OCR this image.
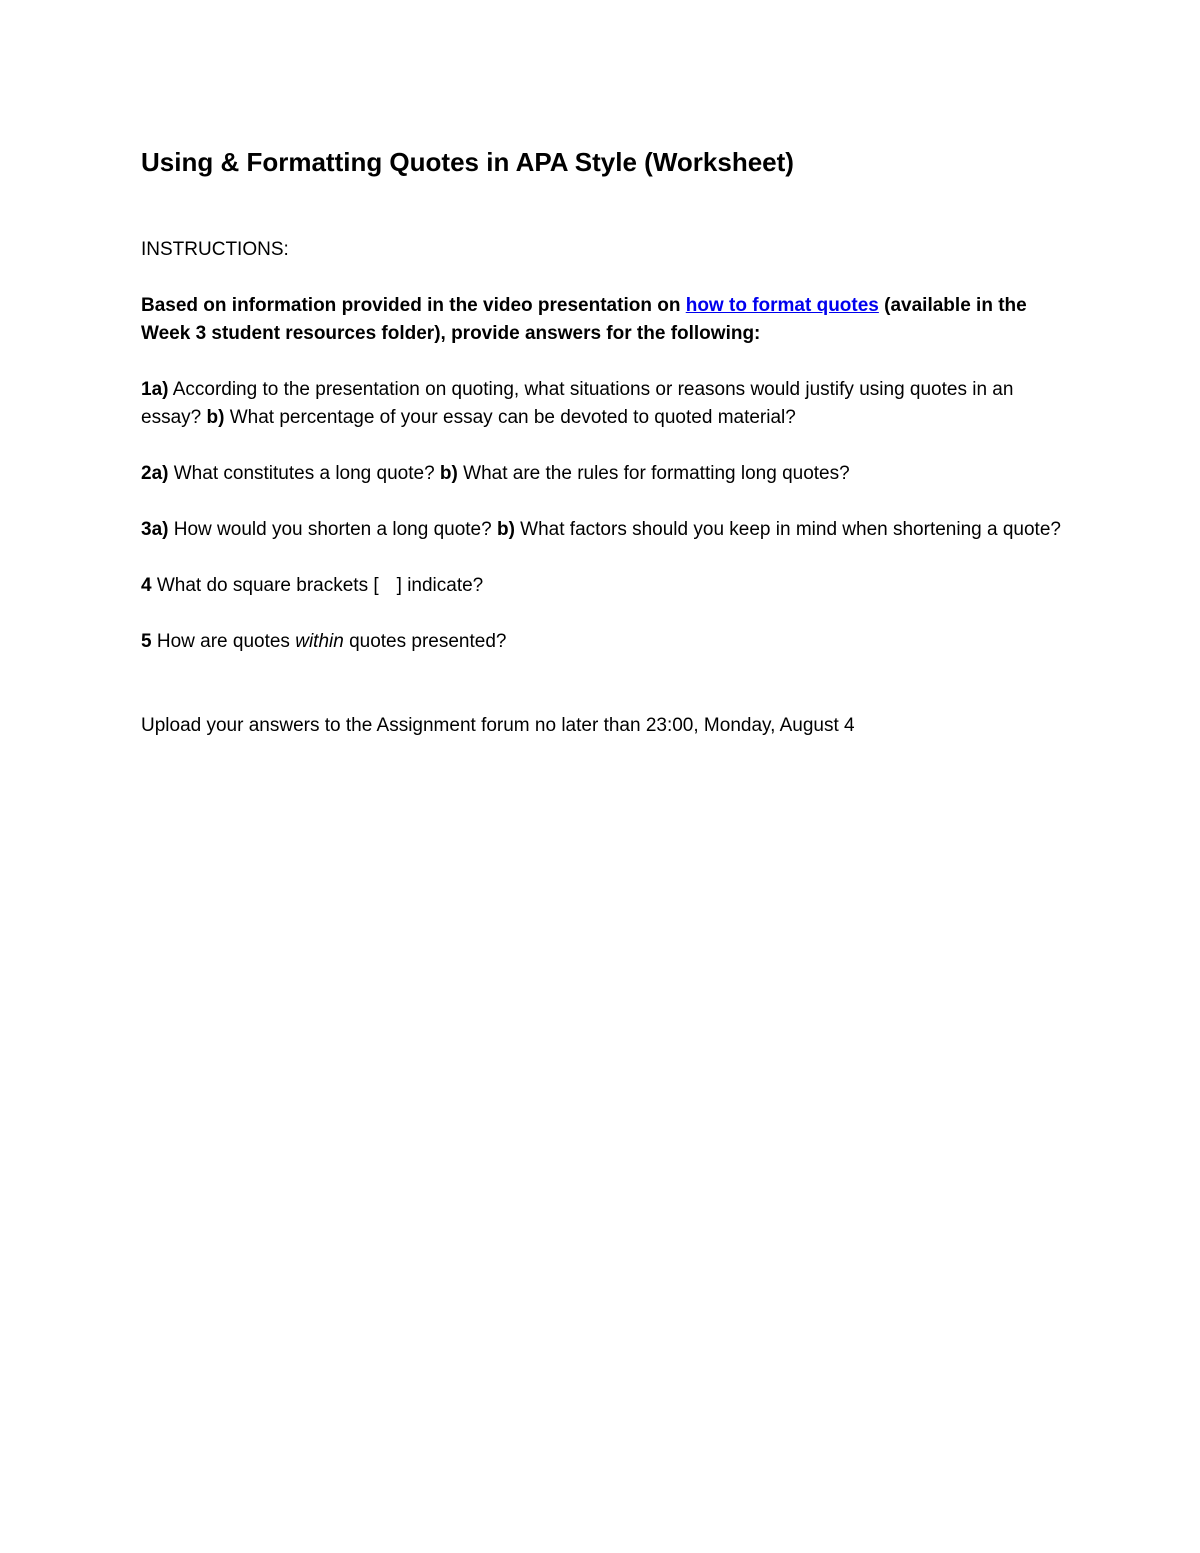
Using & Formatting Quotes in APA Style (Worksheet)

INSTRUCTIONS:

Based on information provided in the video presentation on how to format quotes (available in the Week 3 student resources folder), provide answers for the following:

1a) According to the presentation on quoting, what situations or reasons would justify using quotes in an essay? b) What percentage of your essay can be devoted to quoted material?

2a) What constitutes a long quote? b) What are the rules for formatting long quotes?

3a) How would you shorten a long quote? b) What factors should you keep in mind when shortening a quote?

4 What do square brackets [ ] indicate?

5 How are quotes within quotes presented?

Upload your answers to the Assignment forum no later than 23:00, Monday, August 4
